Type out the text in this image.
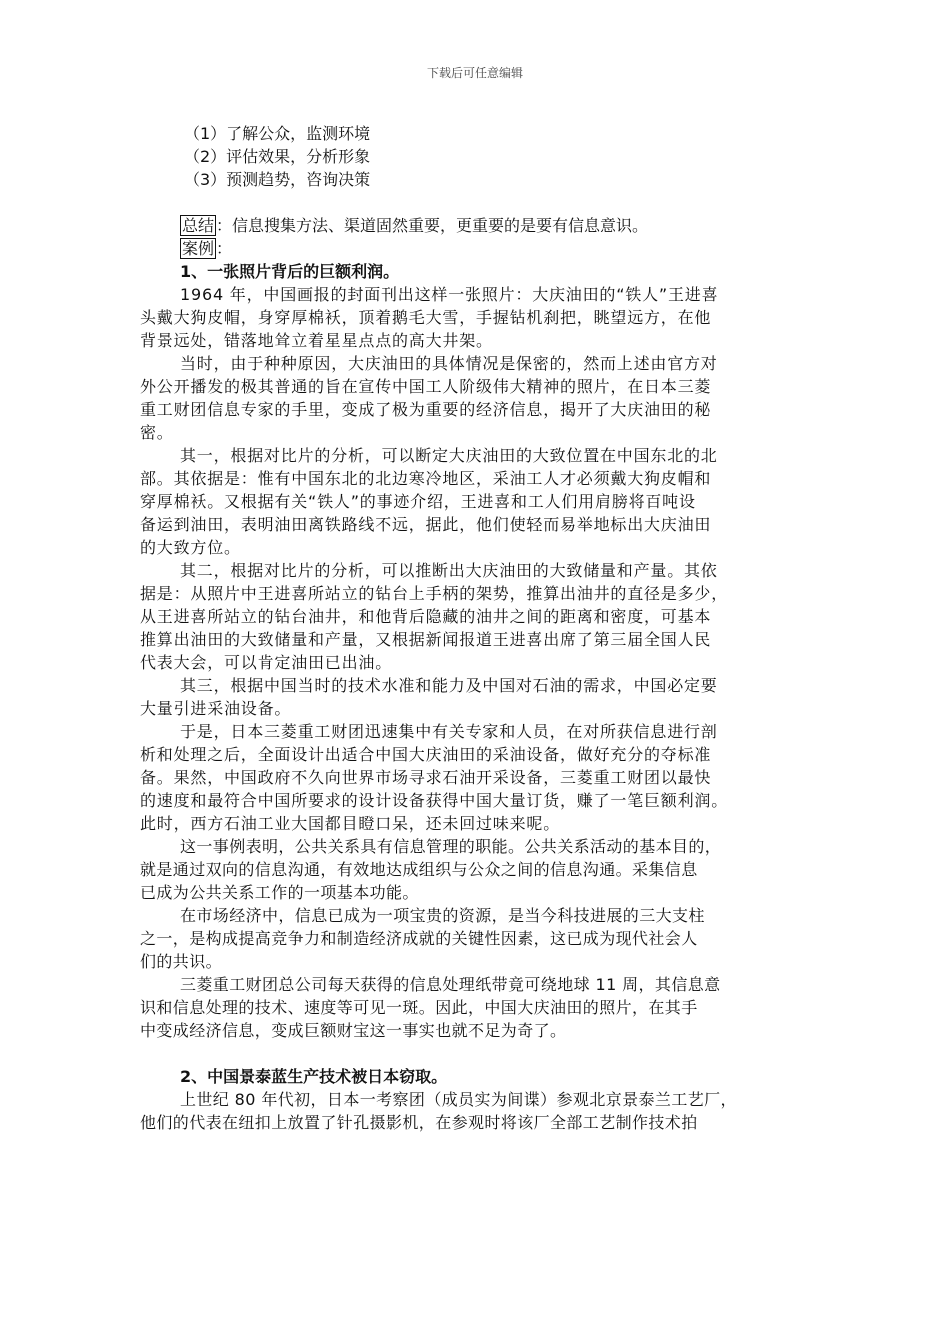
下载后可任意编辑
（1）了解公众，监测环境
（2）评估效果，分析形象
（3）预测趋势，咨询决策
总结 ：信息搜集方法、渠道固然重要，更重要的是要有信息意识。
案例 ：
1、一张照片背后的巨额利润。
1964 年，中国画报的封面刊出这样一张照片：大庆油田的“铁人”王进喜
头戴大狗皮帽，身穿厚棉袄，顶着鹅毛大雪，手握钻机刹把，眺望远方，在他
背景远处，错落地耸立着星星点点的高大井架。
当时，由于种种原因，大庆油田的具体情况是保密的，然而上述由官方对
外公开播发的极其普通的旨在宣传中国工人阶级伟大精神的照片，在日本三菱
重工财团信息专家的手里，变成了极为重要的经济信息，揭开了大庆油田的秘
密。
其一，根据对比片的分析，可以断定大庆油田的大致位置在中国东北的北
部。其依据是：惟有中国东北的北边寒冷地区，采油工人才必须戴大狗皮帽和
穿厚棉袄。又根据有关“铁人”的事迹介绍，王进喜和工人们用肩膀将百吨设
备运到油田，表明油田离铁路线不远，据此，他们使轻而易举地标出大庆油田
的大致方位。
其二，根据对比片的分析，可以推断出大庆油田的大致储量和产量。其依
据是：从照片中王进喜所站立的钻台上手柄的架势，推算出油井的直径是多少，
从王进喜所站立的钻台油井，和他背后隐藏的油井之间的距离和密度，可基本
推算出油田的大致储量和产量，又根据新闻报道王进喜出席了第三届全国人民
代表大会，可以肯定油田已出油。
其三，根据中国当时的技术水准和能力及中国对石油的需求，中国必定要
大量引进采油设备。
于是，日本三菱重工财团迅速集中有关专家和人员，在对所获信息进行剖
析和处理之后，全面设计出适合中国大庆油田的采油设备，做好充分的夺标准
备。果然，中国政府不久向世界市场寻求石油开采设备，三菱重工财团以最快
的速度和最符合中国所要求的设计设备获得中国大量订货，赚了一笔巨额利润。
此时，西方石油工业大国都目瞪口呆，还未回过味来呢。
这一事例表明，公共关系具有信息管理的职能。公共关系活动的基本目的，
就是通过双向的信息沟通，有效地达成组织与公众之间的信息沟通。采集信息
已成为公共关系工作的一项基本功能。
在市场经济中，信息已成为一项宝贵的资源，是当今科技进展的三大支柱
之一，是构成提高竞争力和制造经济成就的关键性因素，这已成为现代社会人
们的共识。
三菱重工财团总公司每天获得的信息处理纸带竟可绕地球 11 周，其信息意
识和信息处理的技术、速度等可见一斑。因此，中国大庆油田的照片，在其手
中变成经济信息，变成巨额财宝这一事实也就不足为奇了。
2、中国景泰蓝生产技术被日本窃取。
上世纪 80 年代初，日本一考察团（成员实为间谍）参观北京景泰兰工艺厂，
他们的代表在纽扣上放置了针孔摄影机，在参观时将该厂全部工艺制作技术拍
